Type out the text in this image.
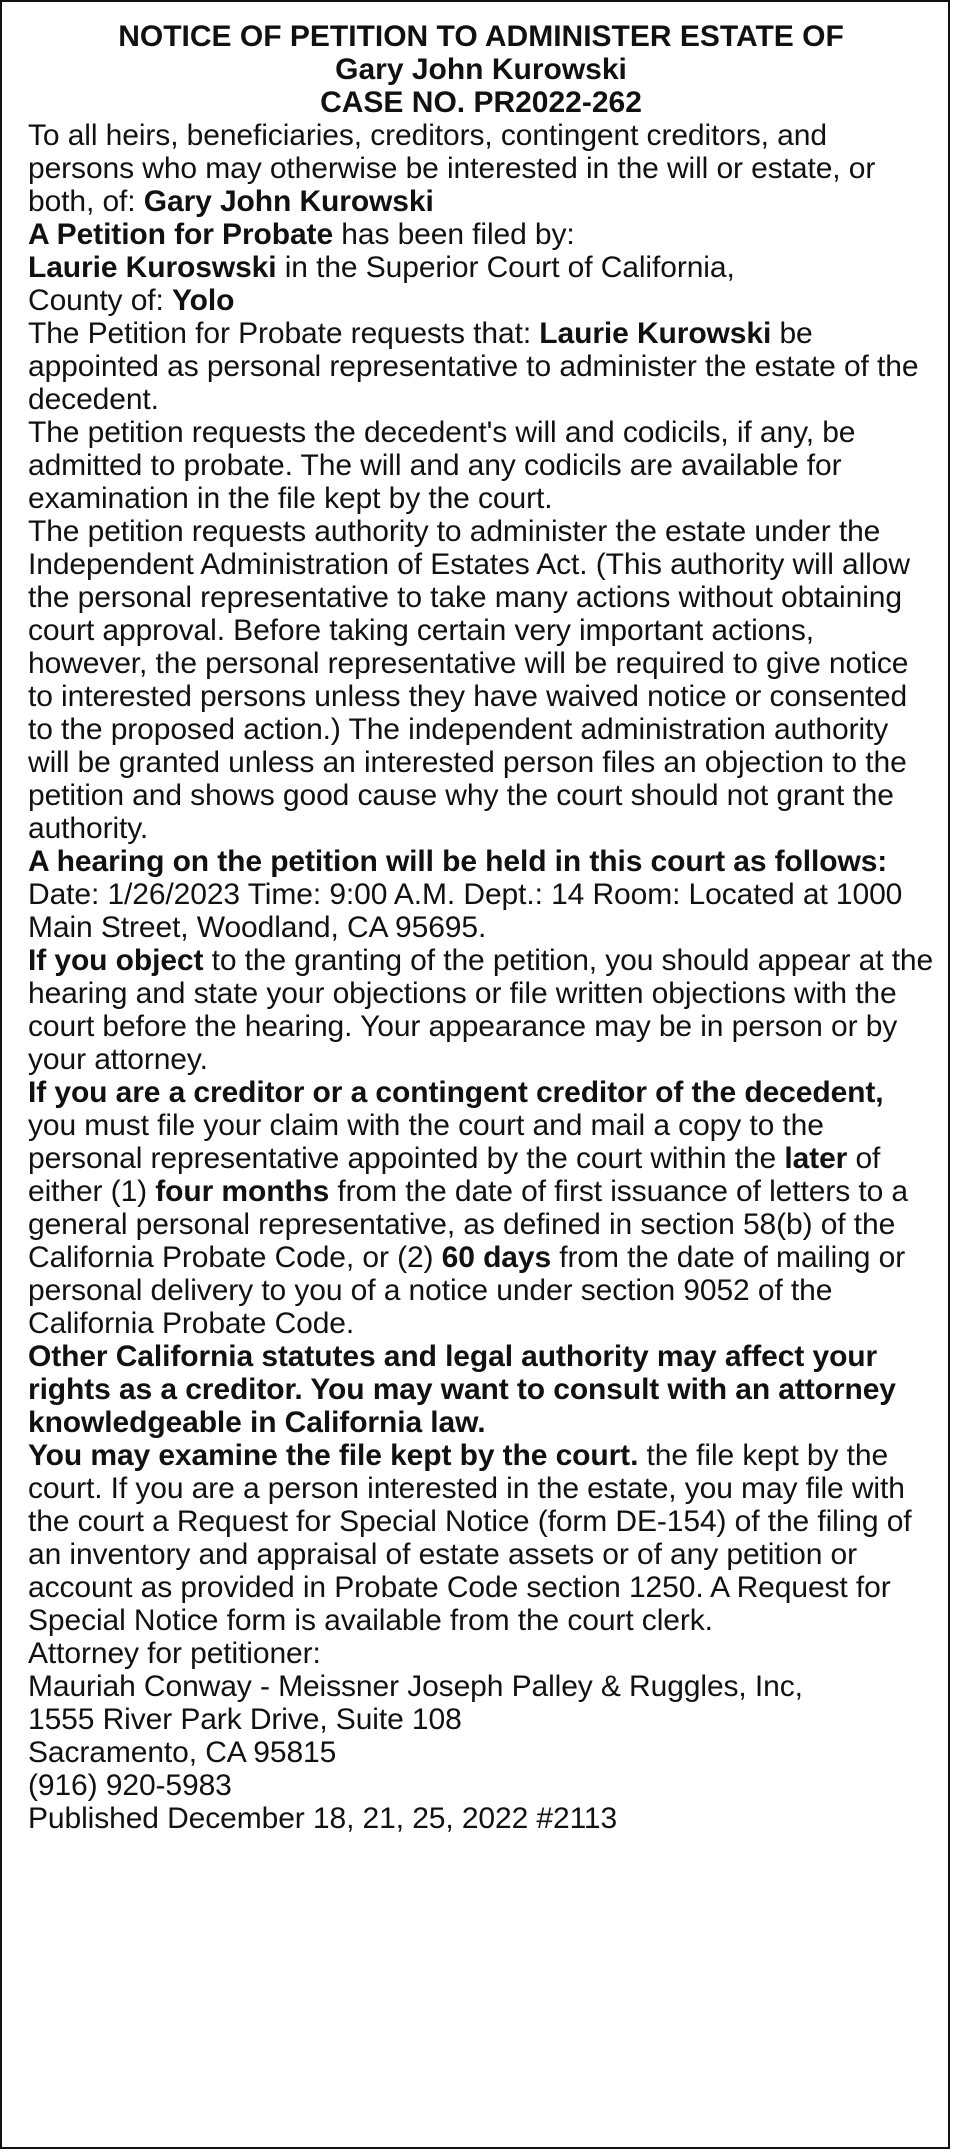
NOTICE OF PETITION TO ADMINISTER ESTATE OF
Gary John Kurowski
CASE NO. PR2022-262

To all heirs, beneficiaries, creditors, contingent creditors, and persons who may otherwise be interested in the will or estate, or both, of: Gary John Kurowski

A Petition for Probate has been filed by:

Laurie Kuroswski in the Superior Court of California,
County of: Yolo

The Petition for Probate requests that: Laurie Kurowski be appointed as personal representative to administer the estate of the decedent.

The petition requests the decedent's will and codicils, if any, be admitted to probate. The will and any codicils are available for examination in the file kept by the court.

The petition requests authority to administer the estate under the Independent Administration of Estates Act. (This authority will allow the personal representative to take many actions without obtaining court approval. Before taking certain very important actions, however, the personal representative will be required to give notice to interested persons unless they have waived notice or consented to the proposed action.) The independent administration authority will be granted unless an interested person files an objection to the petition and shows good cause why the court should not grant the authority.

A hearing on the petition will be held in this court as follows: Date: 1/26/2023 Time: 9:00 A.M. Dept.: 14 Room: Located at 1000 Main Street, Woodland, CA 95695.

If you object to the granting of the petition, you should appear at the hearing and state your objections or file written objections with the court before the hearing. Your appearance may be in person or by your attorney.

If you are a creditor or a contingent creditor of the decedent, you must file your claim with the court and mail a copy to the personal representative appointed by the court within the later of either (1) four months from the date of first issuance of letters to a general personal representative, as defined in section 58(b) of the California Probate Code, or (2) 60 days from the date of mailing or personal delivery to you of a notice under section 9052 of the California Probate Code.

Other California statutes and legal authority may affect your rights as a creditor. You may want to consult with an attorney knowledgeable in California law.

You may examine the file kept by the court. the file kept by the court. If you are a person interested in the estate, you may file with the court a Request for Special Notice (form DE-154) of the filing of an inventory and appraisal of estate assets or of any petition or account as provided in Probate Code section 1250. A Request for Special Notice form is available from the court clerk.

Attorney for petitioner:

Mauriah Conway - Meissner Joseph Palley & Ruggles, Inc,

1555 River Park Drive, Suite 108

Sacramento, CA 95815

(916) 920-5983

Published December 18, 21, 25, 2022 #2113
